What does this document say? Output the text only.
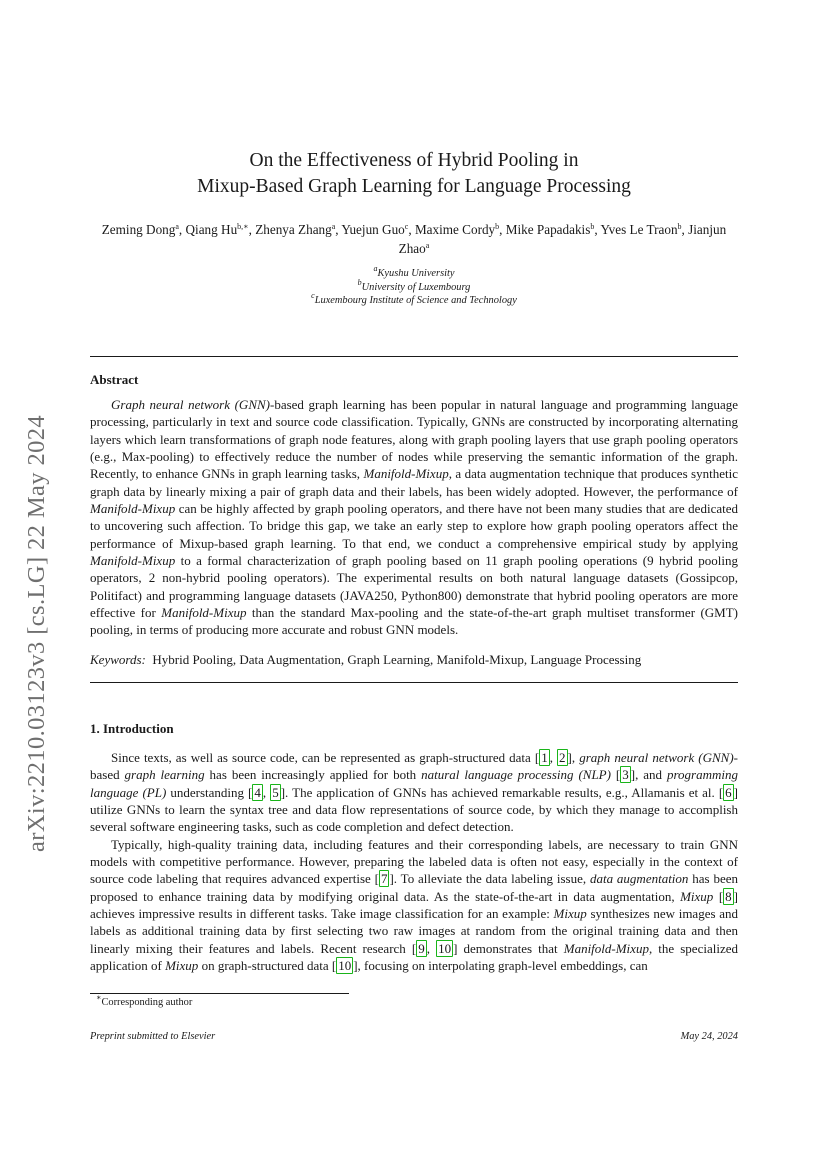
arXiv:2210.03123v3 [cs.LG] 22 May 2024
On the Effectiveness of Hybrid Pooling in
Mixup-Based Graph Learning for Language Processing
Zeming Dong$^a$, Qiang $Hu^{b,∗}$, Zhenya Zhang$^a$, Yuejun Guo$^c$, Maxime Cordy$^b$, Mike Papadakis$^b$, Yves Le Traon$^b$, Jianjun Zhao$^a$
$^a$Kyushu University
$^b$University of Luxembourg
$^c$Luxembourg Institute of Science and Technology
Abstract

Graph neural network (GNN)-based graph learning has been popular in natural language and programming language processing, particularly in text and source code classification. Typically, GNNs are constructed by incorporating alternating layers which learn transformations of graph node features, along with graph pooling layers that use graph pooling operators (e.g., Max-pooling) to effectively reduce the number of nodes while preserving the semantic information of the graph. Recently, to enhance GNNs in graph learning tasks, Manifold-Mixup, a data augmentation technique that produces synthetic graph data by linearly mixing a pair of graph data and their labels, has been widely adopted. However, the performance of Manifold-Mixup can be highly affected by graph pooling operators, and there have not been many studies that are dedicated to uncovering such affection. To bridge this gap, we take an early step to explore how graph pooling operators affect the performance of Mixup-based graph learning. To that end, we conduct a comprehensive empirical study by applying Manifold-Mixup to a formal characterization of graph pooling based on 11 graph pooling operations (9 hybrid pooling operators, 2 non-hybrid pooling operators). The experimental results on both natural language datasets (Gossipcop, Politifact) and programming language datasets (JAVA250, Python800) demonstrate that hybrid pooling operators are more effective for Manifold-Mixup than the standard Max-pooling and the state-of-the-art graph multiset transformer (GMT) pooling, in terms of producing more accurate and robust GNN models.

Keywords: Hybrid Pooling, Data Augmentation, Graph Learning, Manifold-Mixup, Language Processing
1. Introduction

Since texts, as well as source code, can be represented as graph-structured data [ 1 , 2 ], graph neural network (GNN)-based graph learning has been increasingly applied for both natural language processing (NLP) [ 3 ], and programming language (PL) understanding [ 4 , 5 ]. The application of GNNs has achieved remarkable results, e.g., Allamanis et al. [ 6 ] utilize GNNs to learn the syntax tree and data flow representations of source code, by which they manage to accomplish several software engineering tasks, such as code completion and defect detection.

Typically, high-quality training data, including features and their corresponding labels, are necessary to train GNN models with competitive performance. However, preparing the labeled data is often not easy, especially in the context of source code labeling that requires advanced expertise [ 7 ]. To alleviate the data labeling issue, data augmentation has been proposed to enhance training data by modifying original data. As the state-of-the-art in data augmentation, Mixup [ 8 ] achieves impressive results in different tasks. Take image classification for an example: Mixup synthesizes new images and labels as additional training data by first selecting two raw images at random from the original training data and then linearly mixing their features and labels. Recent research [ 9 , 10 ] demonstrates that Manifold-Mixup, the specialized application of Mixup on graph-structured data [ 10 ], focusing on interpolating graph-level embeddings, can

∗Corresponding author
Preprint submitted to Elsevier	May 24, 2024
